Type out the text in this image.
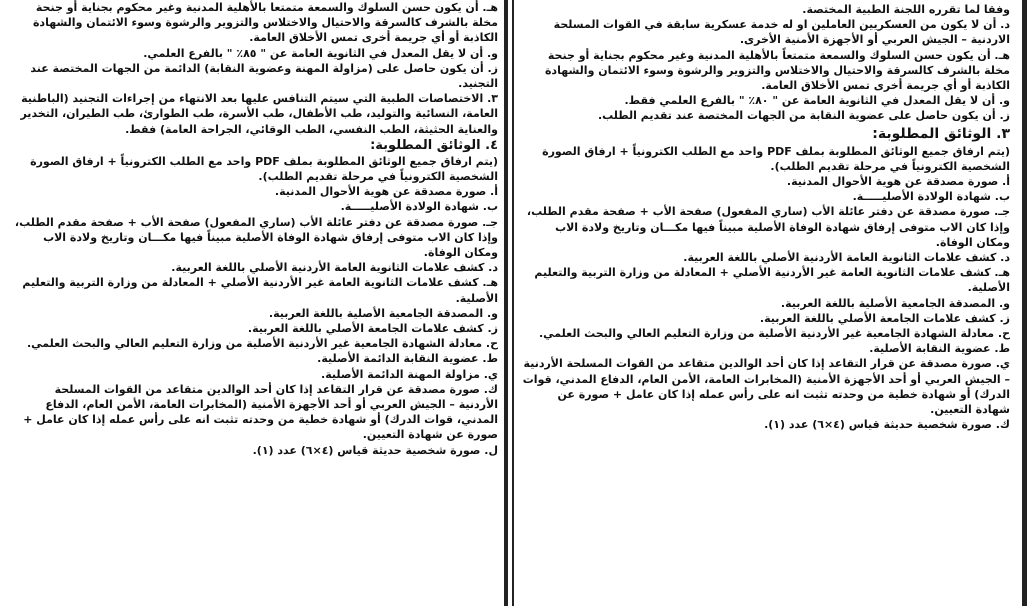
وفقا لما تقرره اللجنة الطبية المختصة.

د. أن لا يكون من العسكريين العاملين او له خدمة عسكرية سابقة في القوات المسلحة الاردنية – الجيش العربي أو الأجهزة الأمنية الأخرى.

هـ. أن يكون حسن السلوك والسمعة متمتعاً بالأهلية المدنية وغير محكوم بجناية أو جنحة مخلة بالشرف كالسرقة والاحتيال والاختلاس والتزوير والرشوة وسوء الائتمان والشهادة الكاذبة أو أي جريمة أخرى تمس الأخلاق العامة.

و. أن لا يقل المعدل في الثانوية العامة عن " ٨٠٪ " بالفرع العلمي فقط.

ز. أن يكون حاصل على عضوية النقابة من الجهات المختصة عند تقديم الطلب.

٣. الوثائق المطلوبة:

(يتم ارفاق جميع الوثائق المطلوبة بملف PDF واحد مع الطلب الكترونياً + ارفاق الصورة الشخصية الكترونياً في مرحلة تقديم الطلب).

أ. صورة مصدقة عن هوية الأحوال المدنية.

ب. شهادة الولادة الأصليـــــة.

جـ. صورة مصدقة عن دفتر عائلة الأب (ساري المفعول) صفحة الأب + صفحة مقدم الطلب، وإذا كان الاب متوفى إرفاق شهادة الوفاة الأصلية مبيناً فيها مكـــان وتاريخ ولادة الاب ومكان الوفاة.

د. كشف علامات الثانوية العامة الأردنية الأصلي باللغة العربية.

هـ. كشف علامات الثانوية العامة غير الأردنية الأصلي + المعادلة من وزارة التربية والتعليم الأصلية.

و. المصدقة الجامعية الأصلية باللغة العربية.

ز. كشف علامات الجامعة الأصلي باللغة العربية.

ح. معادلة الشهادة الجامعية غير الأردنية الأصلية من وزارة التعليم العالي والبحث العلمي.

ط. عضوية النقابة الأصلية.

ي. صورة مصدقة عن قرار التقاعد إذا كان أحد الوالدين متقاعد من القوات المسلحة الأردنية – الجيش العربي أو أحد الأجهزة الأمنية (المخابرات العامة، الأمن العام، الدفاع المدني، قوات الدرك) أو شهادة خطية من وحدته تثبت انه على رأس عمله إذا كان عامل + صورة عن شهادة التعيين.

ك. صورة شخصية حديثة قياس (٤×٦) عدد (١).

هـ. أن يكون حسن السلوك والسمعة متمتعا بالأهلية المدنية وغير محكوم بجناية أو جنحة مخلة بالشرف كالسرقة والاحتيال والاختلاس والتزوير والرشوة وسوء الائتمان والشهادة الكاذبة أو أي جريمة أخرى تمس الأخلاق العامة.

و. أن لا يقل المعدل في الثانوية العامة عن " ٨٥٪ " بالفرع العلمي.

ز. أن يكون حاصل على (مزاولة المهنة وعضوية النقابة) الدائمة من الجهات المختصة عند التجنيد.

٣. الاختصاصات الطبية التي سيتم التنافس عليها بعد الانتهاء من إجراءات التجنيد (الباطنية العامة، النسائية والتوليد، طب الأطفال، طب الأسرة، طب الطوارئ، طب الطيران، التخدير والعناية الحثيثة، الطب النفسي، الطب الوقائي، الجراحة العامة) فقط.

٤. الوثائق المطلوبة:

(يتم ارفاق جميع الوثائق المطلوبة بملف PDF واحد مع الطلب الكترونياً + ارفاق الصورة الشخصية الكترونياً في مرحلة تقديم الطلب).

أ. صورة مصدقة عن هوية الأحوال المدنية.

ب. شهادة الولادة الأصليـــــة.

جـ. صورة مصدقة عن دفتر عائلة الأب (ساري المفعول) صفحة الأب + صفحة مقدم الطلب، وإذا كان الاب متوفى إرفاق شهادة الوفاة الأصلية مبيناً فيها مكـــان وتاريخ ولادة الاب ومكان الوفاة.

د. كشف علامات الثانوية العامة الأردنية الأصلي باللغة العربية.

هـ. كشف علامات الثانوية العامة غير الأردنية الأصلي + المعادلة من وزارة التربية والتعليم الأصلية.

و. المصدقة الجامعية الأصلية باللغة العربية.

ز. كشف علامات الجامعة الأصلي باللغة العربية.

ح. معادلة الشهادة الجامعية غير الأردنية الأصلية من وزارة التعليم العالي والبحث العلمي.

ط. عضوية النقابة الدائمة الأصلية.

ي. مزاولة المهنة الدائمة الأصلية.

ك. صورة مصدقة عن قرار التقاعد إذا كان أحد الوالدين متقاعد من القوات المسلحة الأردنية – الجيش العربي أو أحد الأجهزة الأمنية (المخابرات العامة، الأمن العام، الدفاع المدني، قوات الدرك) أو شهادة خطية من وحدته تثبت انه على رأس عمله إذا كان عامل + صورة عن شهادة التعيين.

ل. صورة شخصية حديثة قياس (٤×٦) عدد (١).
